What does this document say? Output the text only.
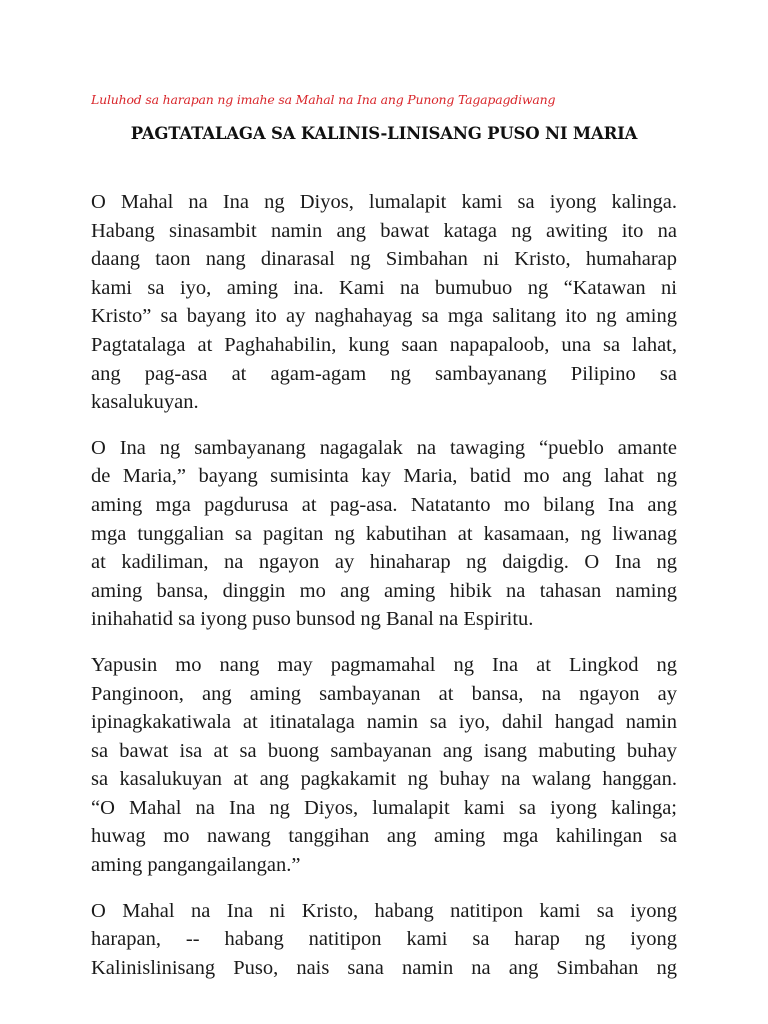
Luluhod sa harapan ng imahe sa Mahal na Ina ang Punong Tagapagdiwang
PAGTATALAGA SA KALINIS-LINISANG PUSO NI MARIA
O Mahal na Ina ng Diyos, lumalapit kami sa iyong kalinga.
Habang sinasambit namin ang bawat kataga ng awiting ito na
daang taon nang dinarasal ng Simbahan ni Kristo, humaharap
kami sa iyo, aming ina. Kami na bumubuo ng “Katawan ni
Kristo” sa bayang ito ay naghahayag sa mga salitang ito ng aming
Pagtatalaga at Paghahabilin, kung saan napapaloob, una sa lahat,
ang pag-asa at agam-agam ng sambayanang Pilipino sa
kasalukuyan.
O Ina ng sambayanang nagagalak na tawaging “pueblo amante
de Maria,” bayang sumisinta kay Maria, batid mo ang lahat ng
aming mga pagdurusa at pag-asa. Natatanto mo bilang Ina ang
mga tunggalian sa pagitan ng kabutihan at kasamaan, ng liwanag
at kadiliman, na ngayon ay hinaharap ng daigdig. O Ina ng
aming bansa, dinggin mo ang aming hibik na tahasan naming
inihahatid sa iyong puso bunsod ng Banal na Espiritu.
Yapusin mo nang may pagmamahal ng Ina at Lingkod ng
Panginoon, ang aming sambayanan at bansa, na ngayon ay
ipinagkakatiwala at itinatalaga namin sa iyo, dahil hangad namin
sa bawat isa at sa buong sambayanan ang isang mabuting buhay
sa kasalukuyan at ang pagkakamit ng buhay na walang hanggan.
“O Mahal na Ina ng Diyos, lumalapit kami sa iyong kalinga;
huwag mo nawang tanggihan ang aming mga kahilingan sa
aming pangangailangan.”
O Mahal na Ina ni Kristo, habang natitipon kami sa iyong
harapan, -- habang natitipon kami sa harap ng iyong
Kalinislinisang Puso, nais sana namin na ang Simbahan ng
